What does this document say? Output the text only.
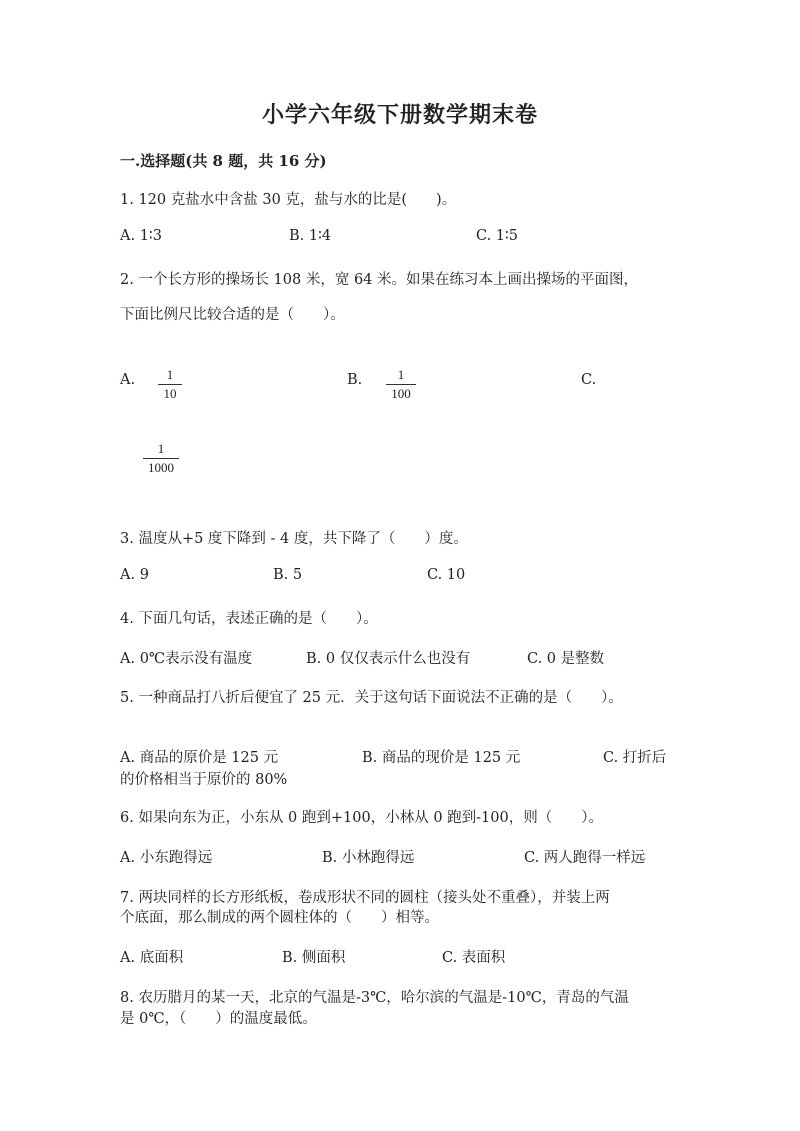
小学六年级下册数学期末卷
一.选择题(共 8 题，共 16 分)
1. 120 克盐水中含盐 30 克，盐与水的比是(　　)。
A. 1∶3	B. 1∶4	C. 1∶5
2. 一个长方形的操场长 108 米，宽 64 米。如果在练习本上画出操场的平面图，
下面比例尺比较合适的是（　　）。
A.	1
10
B.	1
100
C.
1
1000
3. 温度从+5 度下降到 - 4 度，共下降了（　　）度。
A. 9	B. 5	C. 10
4. 下面几句话，表述正确的是（　　）。
A. 0℃表示没有温度	B. 0 仅仅表示什么也没有	C. 0 是整数
5. 一种商品打八折后便宜了 25 元．关于这句话下面说法不正确的是（　　）。
A. 商品的原价是 125 元	B. 商品的现价是 125 元	C. 打折后
的价格相当于原价的 80%
6. 如果向东为正，小东从 0 跑到+100，小林从 0 跑到-100，则（　　）。
A. 小东跑得远	B. 小林跑得远	C. 两人跑得一样远
7. 两块同样的长方形纸板，卷成形状不同的圆柱（接头处不重叠），并装上两
个底面，那么制成的两个圆柱体的（　　）相等。
A. 底面积	B. 侧面积	C. 表面积
8. 农历腊月的某一天，北京的气温是-3℃，哈尔滨的气温是-10℃，青岛的气温
是 0℃，（　　）的温度最低。
